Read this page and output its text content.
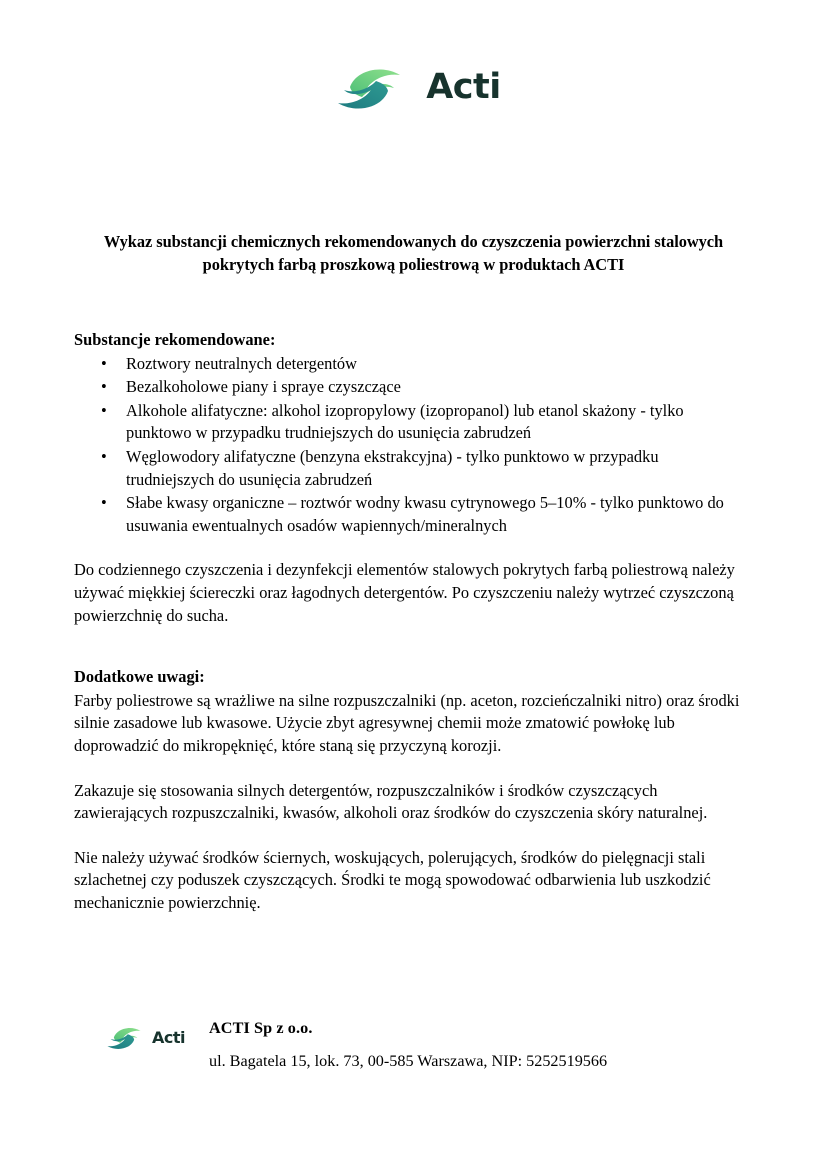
Acti
Wykaz substancji chemicznych rekomendowanych do czyszczenia powierzchni stalowych pokrytych farbą proszkową poliestrową w produktach ACTI
Substancje rekomendowane:
• Roztwory neutralnych detergentów
• Bezalkoholowe piany i spraye czyszczące
• Alkohole alifatyczne: alkohol izopropylowy (izopropanol) lub etanol skażony - tylko punktowo w przypadku trudniejszych do usunięcia zabrudzeń
• Węglowodory alifatyczne (benzyna ekstrakcyjna) - tylko punktowo w przypadku trudniejszych do usunięcia zabrudzeń
• Słabe kwasy organiczne – roztwór wodny kwasu cytrynowego 5–10% - tylko punktowo do usuwania ewentualnych osadów wapiennych/mineralnych

Do codziennego czyszczenia i dezynfekcji elementów stalowych pokrytych farbą poliestrową należy używać miękkiej ściereczki oraz łagodnych detergentów. Po czyszczeniu należy wytrzeć czyszczoną powierzchnię do sucha.

Dodatkowe uwagi:

Farby poliestrowe są wrażliwe na silne rozpuszczalniki (np. aceton, rozcieńczalniki nitro) oraz środki silnie zasadowe lub kwasowe. Użycie zbyt agresywnej chemii może zmatowić powłokę lub doprowadzić do mikropęknięć, które staną się przyczyną korozji.

Zakazuje się stosowania silnych detergentów, rozpuszczalników i środków czyszczących zawierających rozpuszczalniki, kwasów, alkoholi oraz środków do czyszczenia skóry naturalnej.

Nie należy używać środków ściernych, woskujących, polerujących, środków do pielęgnacji stali szlachetnej czy poduszek czyszczących. Środki te mogą spowodować odbarwienia lub uszkodzić mechanicznie powierzchnię.

Acti ACTI Sp z o.o.
ul. Bagatela 15, lok. 73, 00-585 Warszawa, NIP: 5252519566
